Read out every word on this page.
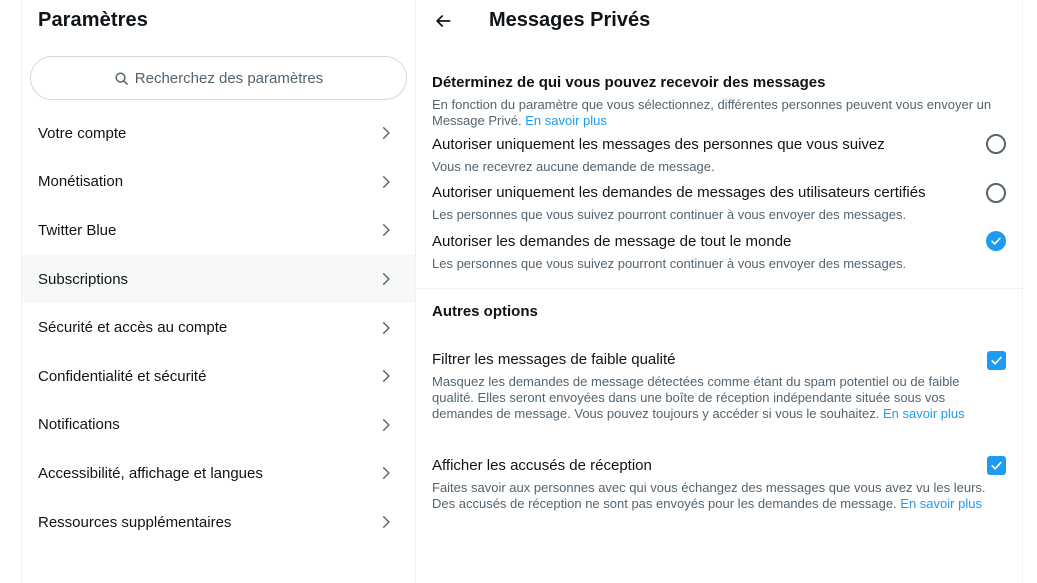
Paramètres
Recherchez des paramètres
Votre compte
Monétisation
Twitter Blue
Subscriptions
Sécurité et accès au compte
Confidentialité et sécurité
Notifications
Accessibilité, affichage et langues
Ressources supplémentaires
Messages Privés
Déterminez de qui vous pouvez recevoir des messages
En fonction du paramètre que vous sélectionnez, différentes personnes peuvent vous envoyer un Message Privé. En savoir plus
Autoriser uniquement les messages des personnes que vous suivez
Vous ne recevrez aucune demande de message.
Autoriser uniquement les demandes de messages des utilisateurs certifiés
Les personnes que vous suivez pourront continuer à vous envoyer des messages.
Autoriser les demandes de message de tout le monde
Les personnes que vous suivez pourront continuer à vous envoyer des messages.
Autres options
Filtrer les messages de faible qualité
Masquez les demandes de message détectées comme étant du spam potentiel ou de faible qualité. Elles seront envoyées dans une boîte de réception indépendante située sous vos demandes de message. Vous pouvez toujours y accéder si vous le souhaitez. En savoir plus
Afficher les accusés de réception
Faites savoir aux personnes avec qui vous échangez des messages que vous avez vu les leurs. Des accusés de réception ne sont pas envoyés pour les demandes de message. En savoir plus
